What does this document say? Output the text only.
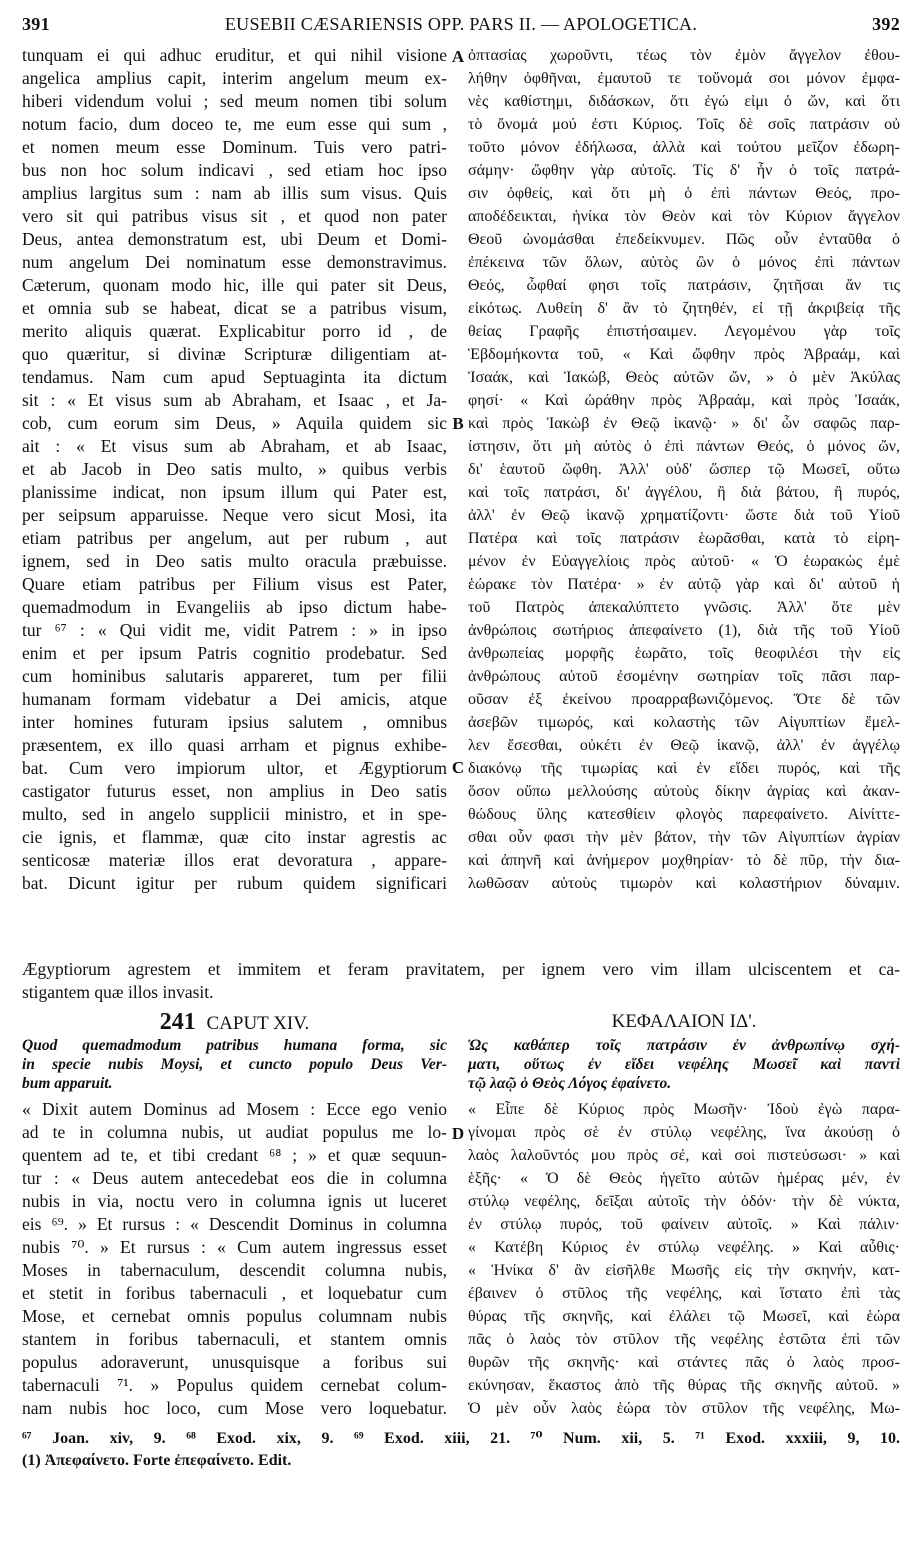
391	EUSEBII CÆSARIENSIS OPP. PARS II. — APOLOGETICA.	392
tunquam ei qui adhuc eruditur, et qui nihil visione
angelica amplius capit, interim angelum meum ex-
hiberi videndum volui ; sed meum nomen tibi solum
notum facio, dum doceo te, me eum esse qui sum ,
et nomen meum esse Dominum. Tuis vero patri-
bus non hoc solum indicavi , sed etiam hoc ipso
amplius largitus sum : nam ab illis sum visus. Quis
vero sit qui patribus visus sit , et quod non pater
Deus, antea demonstratum est, ubi Deum et Domi-
num angelum Dei nominatum esse demonstravimus.
Cæterum, quonam modo hic, ille qui pater sit Deus,
et omnia sub se habeat, dicat se a patribus visum,
merito aliquis quærat. Explicabitur porro id , de
quo quæritur, si divinæ Scripturæ diligentiam at-
tendamus. Nam cum apud Septuaginta ita dictum
sit : « Et visus sum ab Abraham, et Isaac , et Ja-
cob, cum eorum sim Deus, » Aquila quidem sic
ait : « Et visus sum ab Abraham, et ab Isaac,
et ab Jacob in Deo satis multo, » quibus verbis
planissime indicat, non ipsum illum qui Pater est,
per seipsum apparuisse. Neque vero sicut Mosi, ita
etiam patribus per angelum, aut per rubum , aut
ignem, sed in Deo satis multo oracula præbuisse.
Quare etiam patribus per Filium visus est Pater,
quemadmodum in Evangeliis ab ipso dictum habe-
tur ⁶⁷ : « Qui vidit me, vidit Patrem : » in ipso
enim et per ipsum Patris cognitio prodebatur. Sed
cum hominibus salutaris appareret, tum per filii
humanam formam videbatur a Dei amicis, atque
inter homines futuram ipsius salutem , omnibus
præsentem, ex illo quasi arrham et pignus exhibe-
bat. Cum vero impiorum ultor, et Ægyptiorum
castigator futurus esset, non amplius in Deo satis
multo, sed in angelo supplicii ministro, et in spe-
cie ignis, et flammæ, quæ cito instar agrestis ac
senticosæ materiæ illos erat devoratura , appare-
bat. Dicunt igitur per rubum quidem significari
ὀπτασίας χωροῦντι, τέως τὸν ἐμὸν ἄγγελον ἐθου-
λήθην ὀφθῆναι, ἐμαυτοῦ τε τοὔνομά σοι μόνον ἐμφα-
νὲς καθίστημι, διδάσκων, ὅτι ἐγώ εἰμι ὁ ὤν, καὶ ὅτι
τὸ ὄνομά μού ἐστι Κύριος. Τοῖς δὲ σοῖς πατράσιν οὐ
τοῦτο μόνον ἐδήλωσα, ἀλλὰ καὶ τούτου μεῖζον ἐδωρη-
σάμην· ὤφθην γὰρ αὐτοῖς. Τίς δ' ἦν ὁ τοῖς πατρά-
σιν ὀφθείς, καὶ ὅτι μὴ ὁ ἐπὶ πάντων Θεός, προ-
αποδέδεικται, ἡνίκα τὸν Θεὸν καὶ τὸν Κύριον ἄγγελον
Θεοῦ ὠνομάσθαι ἐπεδείκνυμεν. Πῶς οὖν ἐνταῦθα ὁ
ἐπέκεινα τῶν ὅλων, αὐτὸς ὢν ὁ μόνος ἐπὶ πάντων
Θεός, ὦφθαί φησι τοῖς πατράσιν, ζητῆσαι ἄν τις
εἰκότως. Λυθείη δ' ἂν τὸ ζητηθέν, εἰ τῇ ἀκριβείᾳ τῆς
θείας Γραφῆς ἐπιστήσαιμεν. Λεγομένου γὰρ τοῖς
Ἑβδομήκοντα τοῦ, « Καὶ ὤφθην πρὸς Ἀβραάμ, καὶ
Ἰσαάκ, καὶ Ἰακώβ, Θεὸς αὐτῶν ὤν, » ὁ μὲν Ἀκύλας
φησί· « Καὶ ὠράθην πρὸς Ἀβραάμ, καὶ πρὸς Ἰσαάκ,
καὶ πρὸς Ἰακὼβ ἐν Θεῷ ἱκανῷ· » δι' ὧν σαφῶς παρ-
ίστησιν, ὅτι μὴ αὐτὸς ὁ ἐπὶ πάντων Θεός, ὁ μόνος ὤν,
δι' ἑαυτοῦ ὤφθη. Ἀλλ' οὐδ' ὥσπερ τῷ Μωσεῖ, οὕτω
καὶ τοῖς πατράσι, δι' ἀγγέλου, ἢ διὰ βάτου, ἢ πυρός,
ἀλλ' ἐν Θεῷ ἱκανῷ χρηματίζοντι· ὥστε διὰ τοῦ Υἱοῦ
Πατέρα καὶ τοῖς πατράσιν ἑωρᾶσθαι, κατὰ τὸ εἰρη-
μένον ἐν Εὐαγγελίοις πρὸς αὐτοῦ· « Ὁ ἑωρακὼς ἐμὲ
ἑώρακε τὸν Πατέρα· » ἐν αὐτῷ γὰρ καὶ δι' αὐτοῦ ἡ
τοῦ Πατρὸς ἀπεκαλύπτετο γνῶσις. Ἀλλ' ὅτε μὲν
ἀνθρώποις σωτήριος ἀπεφαίνετο (1), διὰ τῆς τοῦ Υἱοῦ
ἀνθρωπείας μορφῆς ἑωρᾶτο, τοῖς θεοφιλέσι τὴν εἰς
ἀνθρώπους αὐτοῦ ἐσομένην σωτηρίαν τοῖς πᾶσι παρ-
οῦσαν ἐξ ἐκείνου προαρραβωνιζόμενος. Ὅτε δὲ τῶν
ἀσεβῶν τιμωρός, καὶ κολαστὴς τῶν Αἰγυπτίων ἔμελ-
λεν ἔσεσθαι, οὐκέτι ἐν Θεῷ ἱκανῷ, ἀλλ' ἐν ἀγγέλῳ
διακόνῳ τῆς τιμωρίας καὶ ἐν εἴδει πυρός, καὶ τῆς
ὅσον οὔπω μελλούσης αὐτοὺς δίκην ἀγρίας καὶ ἀκαν-
θώδους ὕλης κατεσθίειν φλογὸς παρεφαίνετο. Αἰνίττε-
σθαι οὖν φασι τὴν μὲν βάτον, τὴν τῶν Αἰγυπτίων ἀγρίαν
καὶ ἀπηνῆ καὶ ἀνήμερον μοχθηρίαν· τὸ δὲ πῦρ, τὴν δια-
λωθῶσαν αὐτοὺς τιμωρὸν καὶ κολαστήριον δύναμιν.
A
B
C
D
Ægyptiorum agrestem et immitem et feram pravitatem, per ignem vero vim illam ulciscentem et ca-
stigantem quæ illos invasit.
241 CAPUT XIV.
Quod quemadmodum patribus humana forma, sic
in specie nubis Moysi, et cuncto populo Deus Ver-
bum apparuit.
ΚΕΦΑΛΑΙΟΝ ΙΔ'.
Ὡς καθάπερ τοῖς πατράσιν ἐν ἀνθρωπίνῳ σχή-
ματι, οὕτως ἐν εἴδει νεφέλης Μωσεῖ καὶ παντὶ
τῷ λαῷ ὁ Θεὸς Λόγος ἐφαίνετο.
« Dixit autem Dominus ad Mosem : Ecce ego venio
ad te in columna nubis, ut audiat populus me lo-
quentem ad te, et tibi credant ⁶⁸ ; » et quæ sequun-
tur : « Deus autem antecedebat eos die in columna
nubis in via, noctu vero in columna ignis ut luceret
eis ⁶⁹. » Et rursus : « Descendit Dominus in columna
nubis ⁷⁰. » Et rursus : « Cum autem ingressus esset
Moses in tabernaculum, descendit columna nubis,
et stetit in foribus tabernaculi , et loquebatur cum
Mose, et cernebat omnis populus columnam nubis
stantem in foribus tabernaculi, et stantem omnis
populus adoraverunt, unusquisque a foribus sui
tabernaculi ⁷¹. » Populus quidem cernebat colum-
nam nubis hoc loco, cum Mose vero loquebatur.
« Εἶπε δὲ Κύριος πρὸς Μωσῆν· Ἰδοὺ ἐγὼ παρα-
γίνομαι πρὸς σὲ ἐν στύλῳ νεφέλης, ἵνα ἀκούσῃ ὁ
λαὸς λαλοῦντός μου πρὸς σέ, καὶ σοὶ πιστεύσωσι· » καὶ
ἑξῆς· « Ὁ δὲ Θεὸς ἡγεῖτο αὐτῶν ἡμέρας μέν, ἐν
στύλῳ νεφέλης, δεῖξαι αὐτοῖς τὴν ὁδόν· τὴν δὲ νύκτα,
ἐν στύλῳ πυρός, τοῦ φαίνειν αὐτοῖς. » Καὶ πάλιν·
« Κατέβη Κύριος ἐν στύλῳ νεφέλης. » Καὶ αὖθις·
« Ἡνίκα δ' ἂν εἰσῆλθε Μωσῆς εἰς τὴν σκηνήν, κατ-
έβαινεν ὁ στῦλος τῆς νεφέλης, καὶ ἵστατο ἐπὶ τὰς
θύρας τῆς σκηνῆς, καὶ ἐλάλει τῷ Μωσεῖ, καὶ ἑώρα
πᾶς ὁ λαὸς τὸν στῦλον τῆς νεφέλης ἑστῶτα ἐπὶ τῶν
θυρῶν τῆς σκηνῆς· καὶ στάντες πᾶς ὁ λαὸς προσ-
εκύνησαν, ἕκαστος ἀπὸ τῆς θύρας τῆς σκηνῆς αὐτοῦ. »
Ὁ μὲν οὖν λαὸς ἑώρα τὸν στῦλον τῆς νεφέλης, Μω-
⁶⁷ Joan. xiv, 9. ⁶⁸ Exod. xix, 9. ⁶⁹ Exod. xiii, 21. ⁷⁰ Num. xii, 5. ⁷¹ Exod. xxxiii, 9, 10.
(1) Ἀπεφαίνετο. Forte ἐπεφαίνετο. Edit.
